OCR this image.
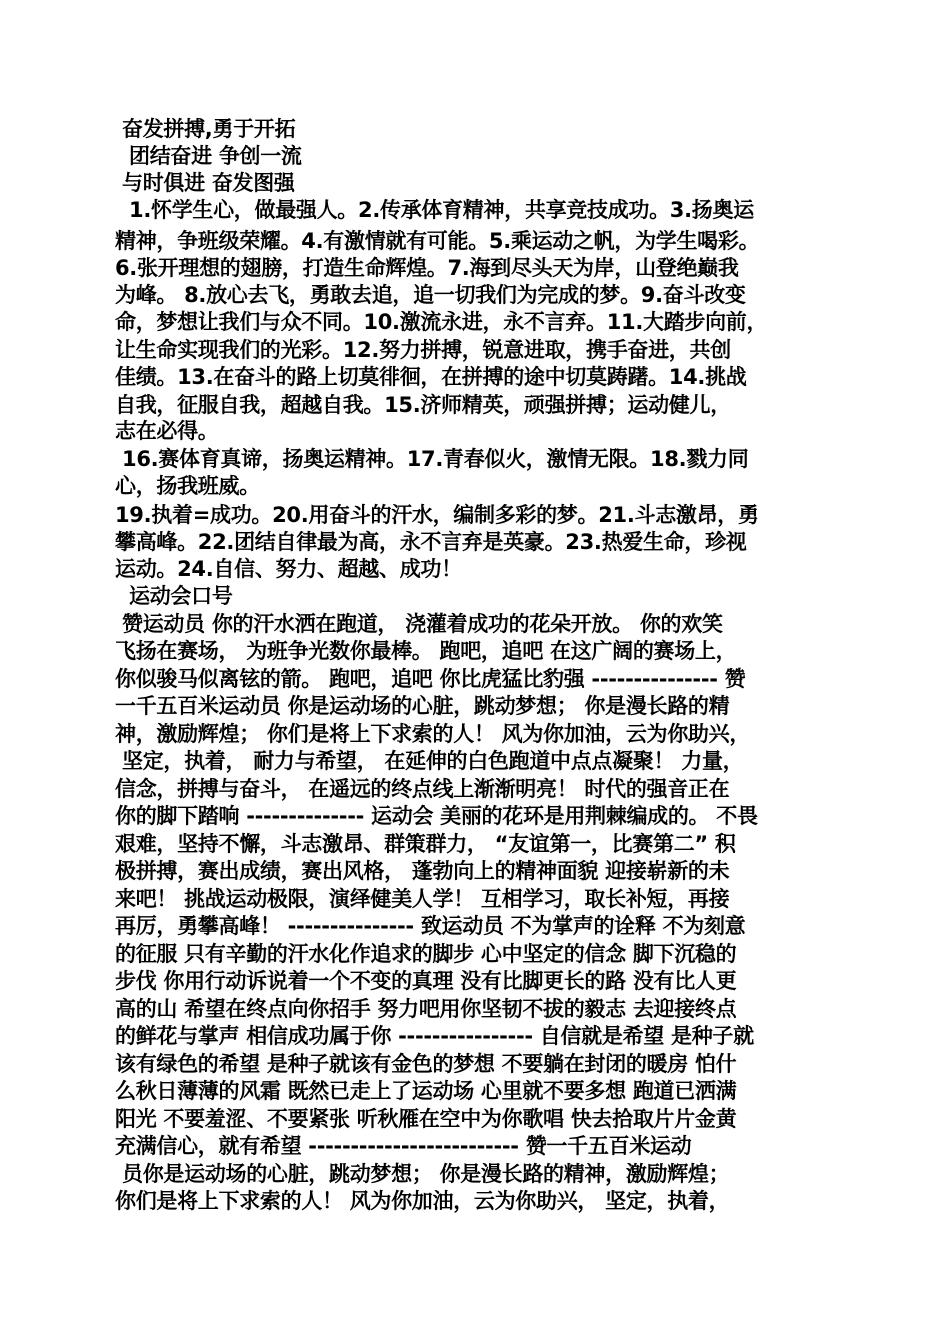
奋发拼搏,勇于开拓

团结奋进 争创一流

与时俱进 奋发图强

1.怀学生心，做最强人。2.传承体育精神，共享竞技成功。3.扬奥运

精神，争班级荣耀。4.有激情就有可能。5.乘运动之帆，为学生喝彩。

6.张开理想的翅膀，打造生命辉煌。7.海到尽头天为岸，山登绝巅我

为峰。 8.放心去飞，勇敢去追，追一切我们为完成的梦。9.奋斗改变

命，梦想让我们与众不同。10.激流永进，永不言弃。11.大踏步向前，

让生命实现我们的光彩。12.努力拼搏，锐意进取，携手奋进，共创

佳绩。13.在奋斗的路上切莫徘徊，在拼搏的途中切莫踌躇。14.挑战

自我，征服自我，超越自我。15.济师精英，顽强拼搏；运动健儿，

志在必得。

16.赛体育真谛，扬奥运精神。17.青春似火，激情无限。18.戮力同

心，扬我班威。

19.执着=成功。20.用奋斗的汗水，编制多彩的梦。21.斗志激昂，勇

攀高峰。22.团结自律最为高，永不言弃是英豪。23.热爱生命，珍视

运动。24.自信、努力、超越、成功！

运动会口号

赞运动员 你的汗水洒在跑道， 浇灌着成功的花朵开放。 你的欢笑

飞扬在赛场， 为班争光数你最棒。 跑吧，追吧 在这广阔的赛场上，

你似骏马似离铉的箭。 跑吧，追吧 你比虎猛比豹强 --------------- 赞

一千五百米运动员 你是运动场的心脏，跳动梦想； 你是漫长路的精

神，激励辉煌； 你们是将上下求索的人！ 风为你加油，云为你助兴，

坚定，执着， 耐力与希望， 在延伸的白色跑道中点点凝聚！ 力量，

信念，拼搏与奋斗， 在遥远的终点线上渐渐明亮！ 时代的强音正在

你的脚下踏响 -------------- 运动会 美丽的花环是用荆棘编成的。 不畏

艰难，坚持不懈，斗志激昂、群策群力， “友谊第一，比赛第二” 积

极拼搏，赛出成绩，赛出风格， 蓬勃向上的精神面貌 迎接崭新的未

来吧！ 挑战运动极限，演绎健美人学！ 互相学习，取长补短，再接

再厉，勇攀高峰！ --------------- 致运动员 不为掌声的诠释 不为刻意

的征服 只有辛勤的汗水化作追求的脚步 心中坚定的信念 脚下沉稳的

步伐 你用行动诉说着一个不变的真理 没有比脚更长的路 没有比人更

高的山 希望在终点向你招手 努力吧用你坚韧不拔的毅志 去迎接终点

的鲜花与掌声 相信成功属于你 ---------------- 自信就是希望 是种子就

该有绿色的希望 是种子就该有金色的梦想 不要躺在封闭的暖房 怕什

么秋日薄薄的风霜 既然已走上了运动场 心里就不要多想 跑道已洒满

阳光 不要羞涩、不要紧张 听秋雁在空中为你歌唱 快去拾取片片金黄

充满信心，就有希望 ------------------------- 赞一千五百米运动

员你是运动场的心脏，跳动梦想； 你是漫长路的精神，激励辉煌；

你们是将上下求索的人！ 风为你加油，云为你助兴， 坚定，执着，
